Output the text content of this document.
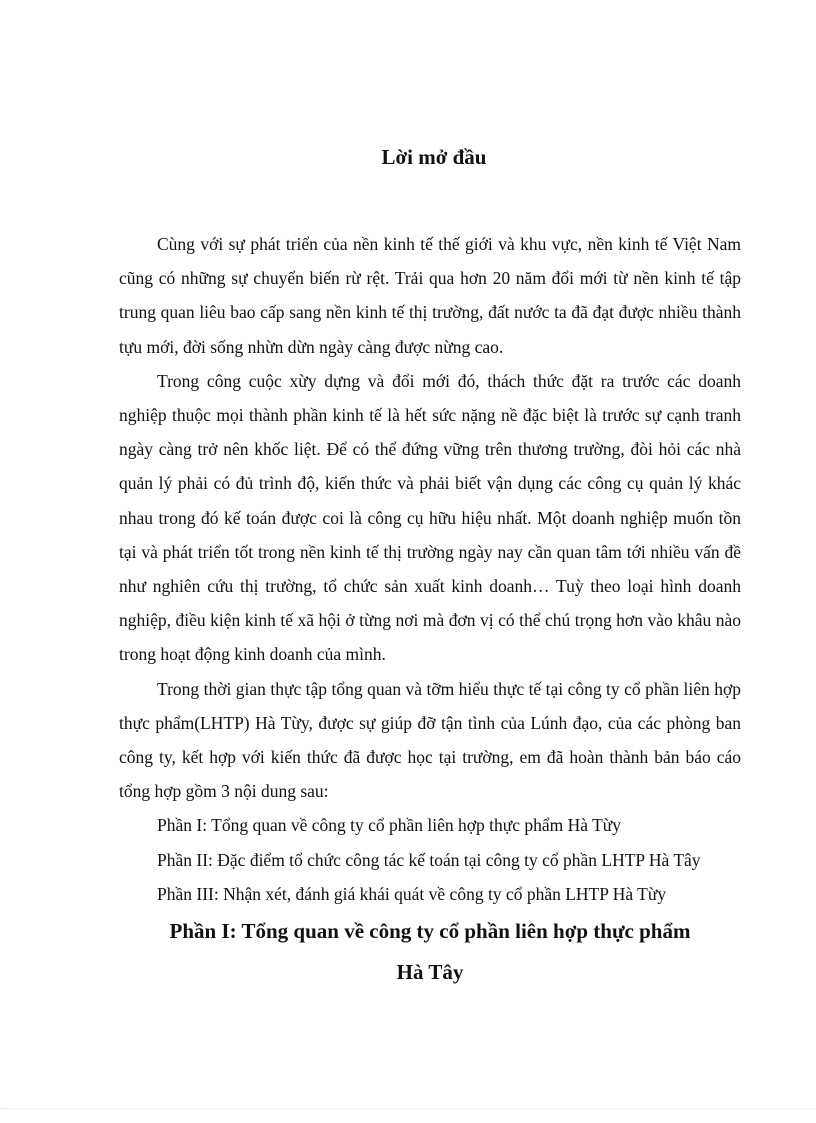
Lời mở đầu

Cùng với sự phát triển của nền kinh tế thế giới và khu vực, nền kinh tế Việt Nam cũng có những sự chuyển biến rừ rệt. Trải qua hơn 20 năm đổi mới từ nền kinh tế tập trung quan liêu bao cấp sang nền kinh tế thị trường, đất nước ta đã đạt được nhiều thành tựu mới, đời sống nhừn dừn ngày càng được nừng cao.

Trong công cuộc xừy dựng và đổi mới đó, thách thức đặt ra trước các doanh nghiệp thuộc mọi thành phần kinh tế là hết sức nặng nề đặc biệt là trước sự cạnh tranh ngày càng trở nên khốc liệt. Để có thể đứng vững trên thương trường, đòi hỏi các nhà quản lý phải có đủ trình độ, kiến thức và phải biết vận dụng các công cụ quản lý khác nhau trong đó kế toán được coi là công cụ hữu hiệu nhất. Một doanh nghiệp muốn tồn tại và phát triển tốt trong nền kinh tế thị trường ngày nay cần quan tâm tới nhiều vấn đề như nghiên cứu thị trường, tổ chức sản xuất kinh doanh… Tuỳ theo loại hình doanh nghiệp, điều kiện kinh tế xã hội ở từng nơi mà đơn vị có thể chú trọng hơn vào khâu nào trong hoạt động kinh doanh của mình.

Trong thời gian thực tập tổng quan và tỡm hiểu thực tế tại công ty cổ phần liên hợp thực phẩm(LHTP) Hà Từy, được sự giúp đỡ tận tình của Lúnh đạo, của các phòng ban công ty, kết hợp với kiến thức đã được học tại trường, em đã hoàn thành bản báo cáo tổng hợp gồm 3 nội dung sau:

Phần I: Tổng quan về công ty cổ phần liên hợp thực phẩm Hà Từy

Phần II: Đặc điểm tổ chức công tác kế toán tại công ty cổ phần LHTP Hà Tây

Phần III: Nhận xét, đánh giá khái quát về công ty cổ phần LHTP Hà Từy

Phần I: Tổng quan về công ty cổ phần liên hợp thực phẩm
Hà Tây
